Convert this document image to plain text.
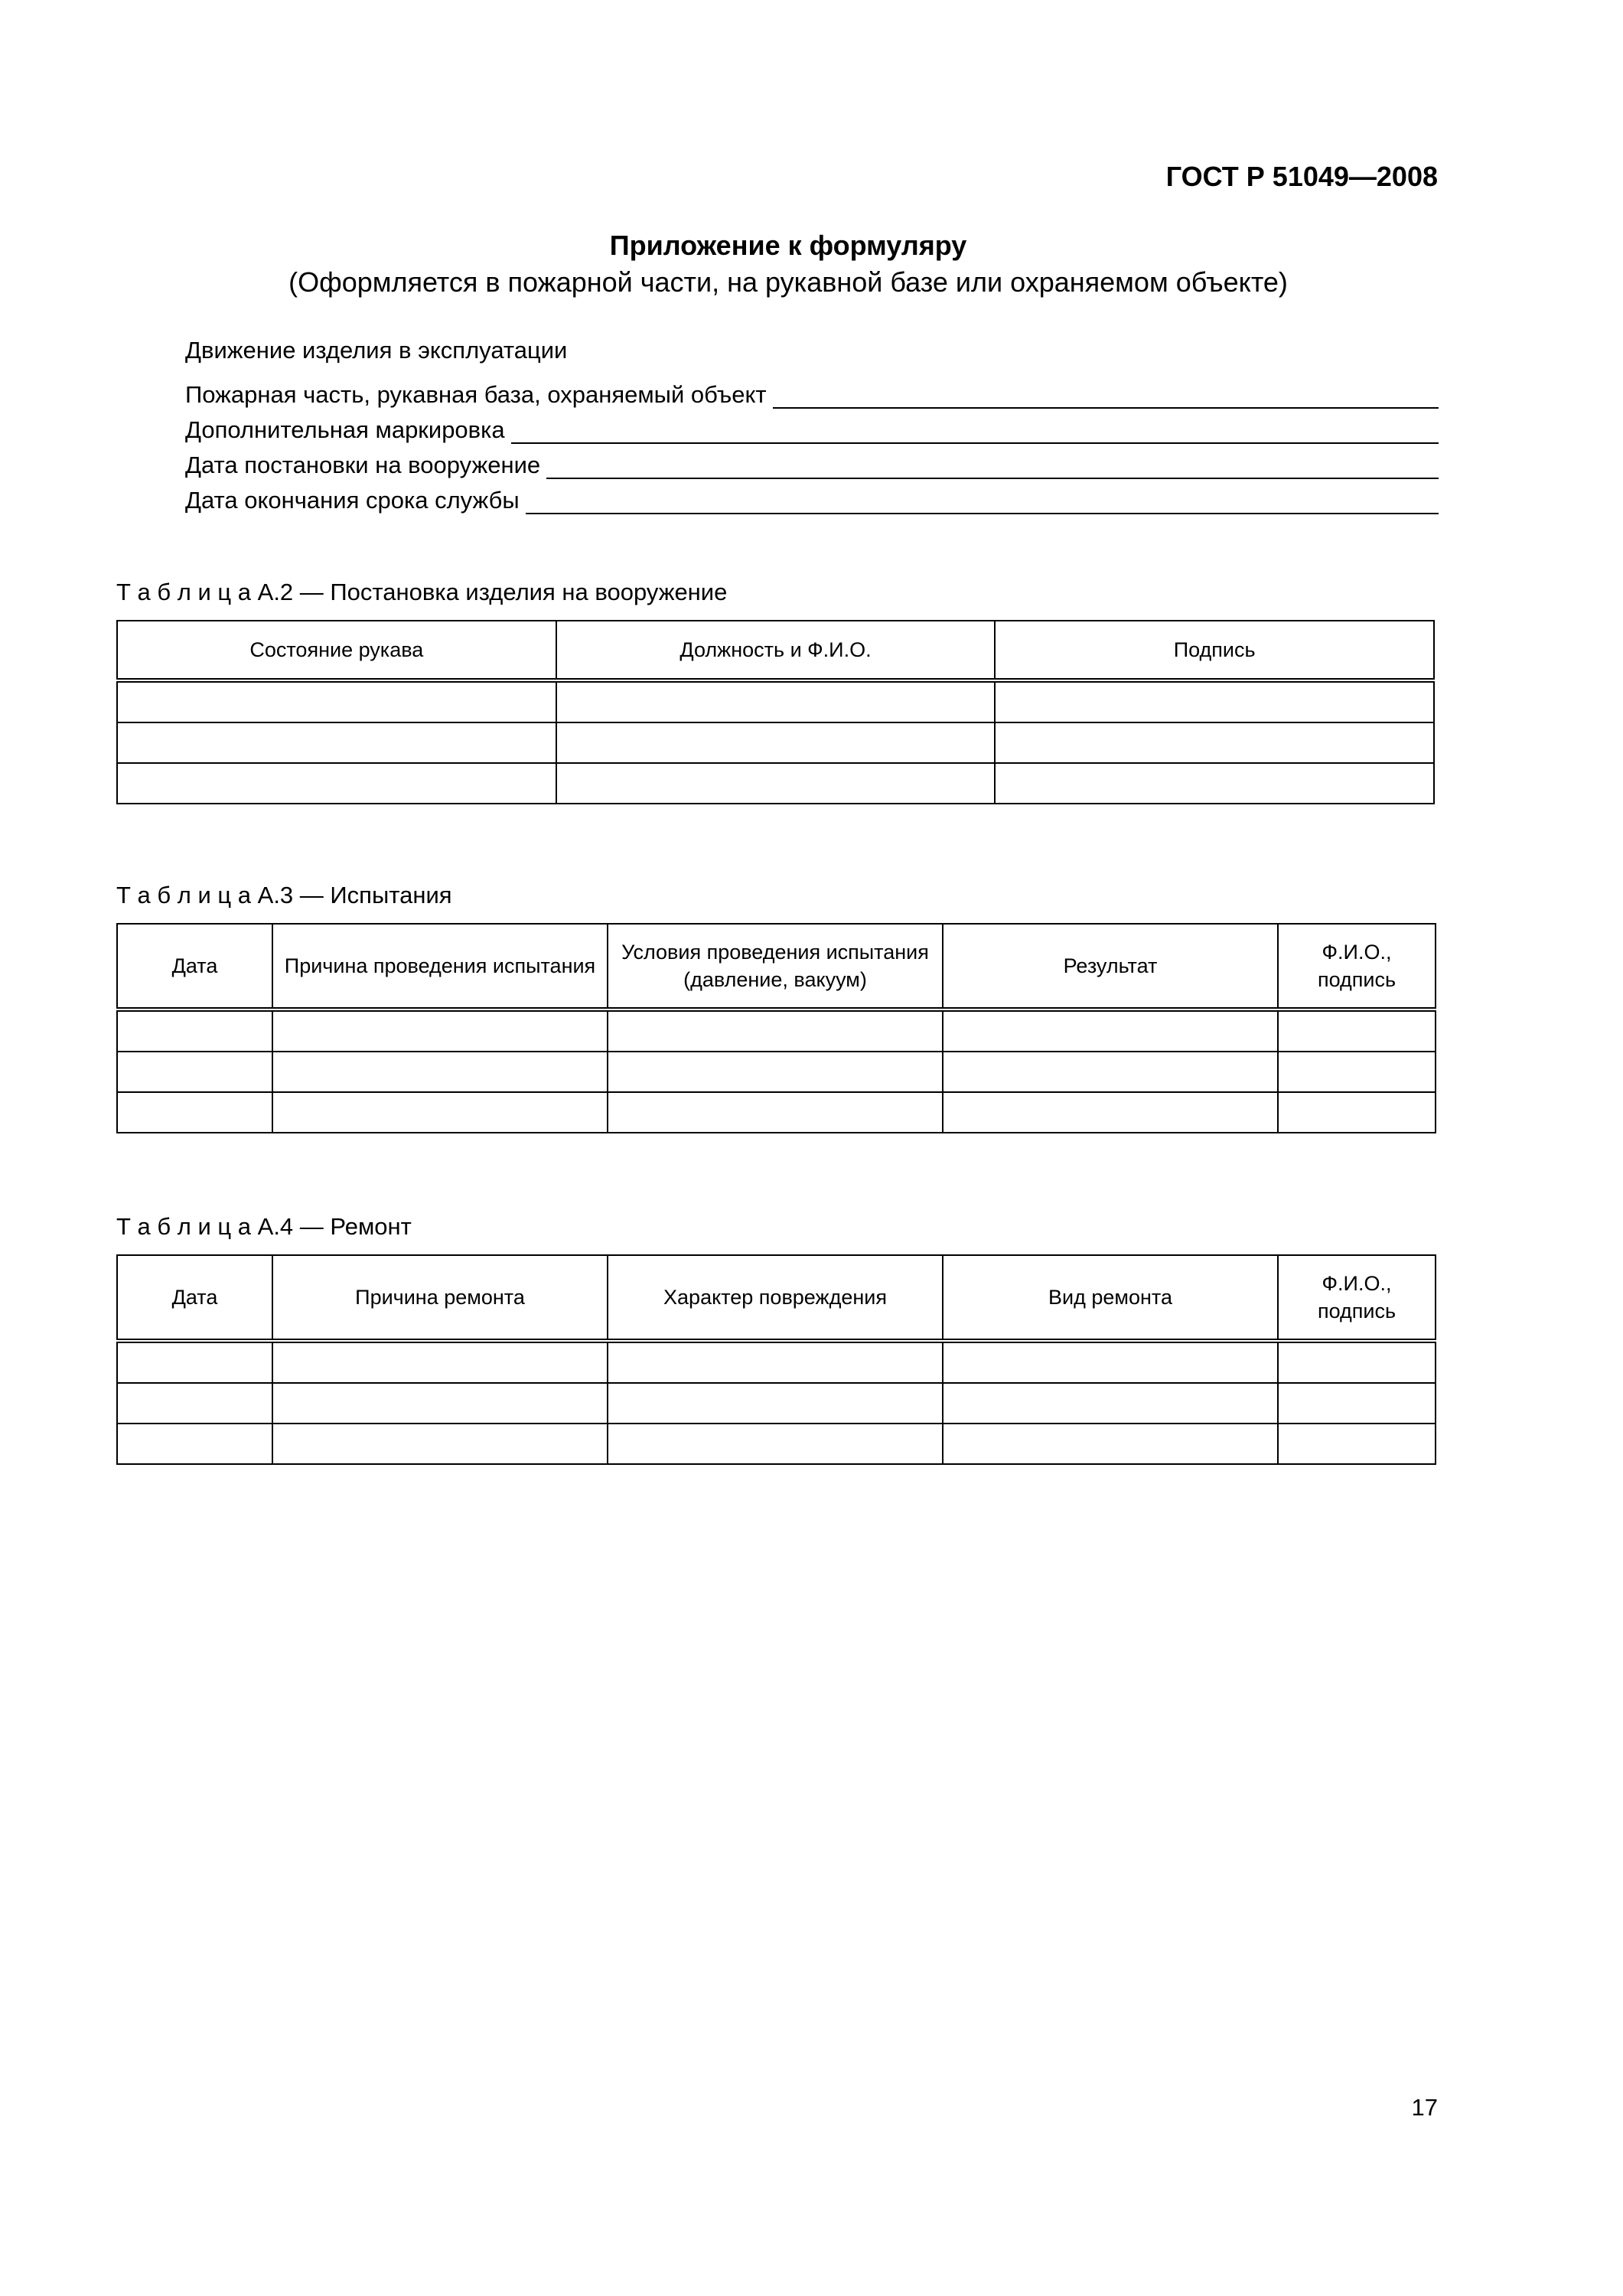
ГОСТ Р 51049—2008
Приложение к формуляру
(Оформляется в пожарной части, на рукавной базе или охраняемом объекте)
Движение изделия в эксплуатации
Пожарная часть, рукавная база, охраняемый объект
Дополнительная маркировка
Дата постановки на вооружение
Дата окончания срока службы
Т а б л и ц а А.2 — Постановка изделия на вооружение
Состояние рукава	Должность и Ф.И.О.	Подпись

Т а б л и ц а А.3 — Испытания
Дата	Причина проведения испытания	Условия проведения испытания (давление, вакуум)	Результат	Ф.И.О., подпись

Т а б л и ц а А.4 — Ремонт
Дата	Причина ремонта	Характер повреждения	Вид ремонта	Ф.И.О., подпись

17
